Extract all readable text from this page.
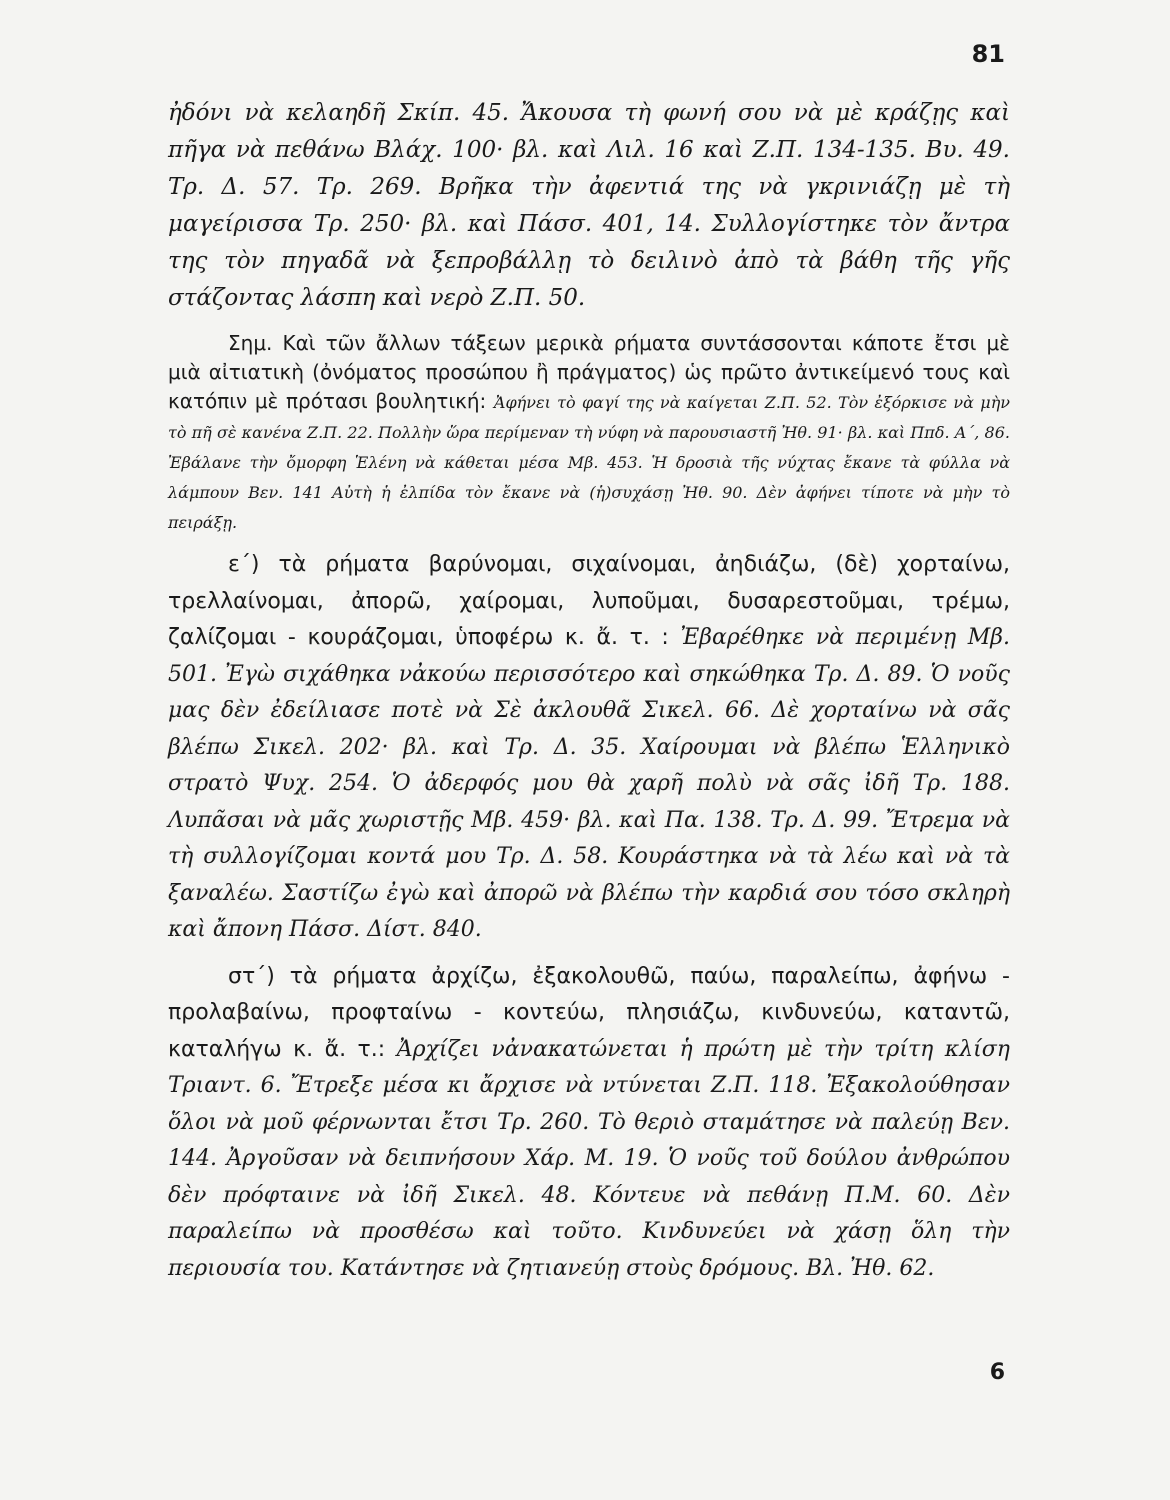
81

ἠδόνι νὰ κελαηδῆ Σκίπ. 45. Ἄκουσα τὴ φωνή σου νὰ μὲ κράζῃς καὶ πῆγα νὰ πεθάνω Βλάχ. 100· βλ. καὶ Λιλ. 16 καὶ Ζ.Π. 134-135. Βυ. 49. Τρ. Δ. 57. Τρ. 269. Βρῆκα τὴν ἀφεντιά της νὰ γκρινιάζῃ μὲ τὴ μαγείρισσα Τρ. 250· βλ. καὶ Πάσσ. 401, 14. Συλλογίστηκε τὸν ἄντρα της τὸν πηγαδᾶ νὰ ξεπροβάλλῃ τὸ δειλινὸ ἀπὸ τὰ βάθη τῆς γῆς στάζοντας λάσπη καὶ νερὸ Ζ.Π. 50.

Σημ. Καὶ τῶν ἄλλων τάξεων μερικὰ ρήματα συντάσσονται κάποτε ἔτσι μὲ μιὰ αἰτιατικὴ (ὀνόματος προσώπου ἢ πράγματος) ὡς πρῶτο ἀντικείμενό τους καὶ κατόπιν μὲ πρότασι βουλητική: Ἀφήνει τὸ φαγί της νὰ καίγεται Ζ.Π. 52. Τὸν ἐξόρκισε νὰ μὴν τὸ πῆ σὲ κανένα Ζ.Π. 22. Πολλὴν ὥρα περίμεναν τὴ νύφη νὰ παρουσιαστῆ Ἠθ. 91· βλ. καὶ Ππδ. Α΄, 86. Ἐβάλανε τὴν ὄμορφη Ἑλένη νὰ κάθεται μέσα Μβ. 453. Ἡ δροσιὰ τῆς νύχτας ἔκανε τὰ φύλλα νὰ λάμπουν Βεν. 141 Αὐτὴ ἡ ἐλπίδα τὸν ἔκανε νὰ (ἡ)συχάσῃ Ἠθ. 90. Δὲν ἀφήνει τίποτε νὰ μὴν τὸ πειράξῃ.

ε΄) τὰ ρήματα βαρύνομαι, σιχαίνομαι, ἀηδιάζω, (δὲ) χορταίνω, τρελλαίνομαι, ἀπορῶ, χαίρομαι, λυποῦμαι, δυσαρεστοῦμαι, τρέμω, ζαλίζομαι - κουράζομαι, ὑποφέρω κ. ἄ. τ. : Ἐβαρέθηκε νὰ περιμένῃ Μβ. 501. Ἐγὼ σιχάθηκα νἀκούω περισσότερο καὶ σηκώθηκα Τρ. Δ. 89. Ὁ νοῦς μας δὲν ἐδείλιασε ποτὲ νὰ Σὲ ἀκλουθᾶ Σικελ. 66. Δὲ χορταίνω νὰ σᾶς βλέπω Σικελ. 202· βλ. καὶ Τρ. Δ. 35. Χαίρουμαι νὰ βλέπω Ἑλληνικὸ στρατὸ Ψυχ. 254. Ὁ ἀδερφός μου θὰ χαρῆ πολὺ νὰ σᾶς ἰδῆ Τρ. 188. Λυπᾶσαι νὰ μᾶς χωριστῇς Μβ. 459· βλ. καὶ Πα. 138. Τρ. Δ. 99. Ἔτρεμα νὰ τὴ συλλογίζομαι κοντά μου Τρ. Δ. 58. Κουράστηκα νὰ τὰ λέω καὶ νὰ τὰ ξαναλέω. Σαστίζω ἐγὼ καὶ ἀπορῶ νὰ βλέπω τὴν καρδιά σου τόσο σκληρὴ καὶ ἄπονη Πάσσ. Δίστ. 840.

στ΄) τὰ ρήματα ἀρχίζω, ἐξακολουθῶ, παύω, παραλείπω, ἀφήνω - προλαβαίνω, προφταίνω - κοντεύω, πλησιάζω, κινδυνεύω, καταντῶ, καταλήγω κ. ἄ. τ.: Ἀρχίζει νἀνακατώνεται ἡ πρώτη μὲ τὴν τρίτη κλίση Τριαντ. 6. Ἔτρεξε μέσα κι ἄρχισε νὰ ντύνεται Ζ.Π. 118. Ἐξακολούθησαν ὅλοι νὰ μοῦ φέρνωνται ἔτσι Τρ. 260. Τὸ θεριὸ σταμάτησε νὰ παλεύῃ Βεν. 144. Ἀργοῦσαν νὰ δειπνήσουν Χάρ. Μ. 19. Ὁ νοῦς τοῦ δούλου ἀνθρώπου δὲν πρόφταινε νὰ ἰδῆ Σικελ. 48. Κόντευε νὰ πεθάνῃ Π.Μ. 60. Δὲν παραλείπω νὰ προσθέσω καὶ τοῦτο. Κινδυνεύει νὰ χάσῃ ὅλη τὴν περιουσία του. Κατάντησε νὰ ζητιανεύῃ στοὺς δρόμους. Βλ. Ἠθ. 62.

6
